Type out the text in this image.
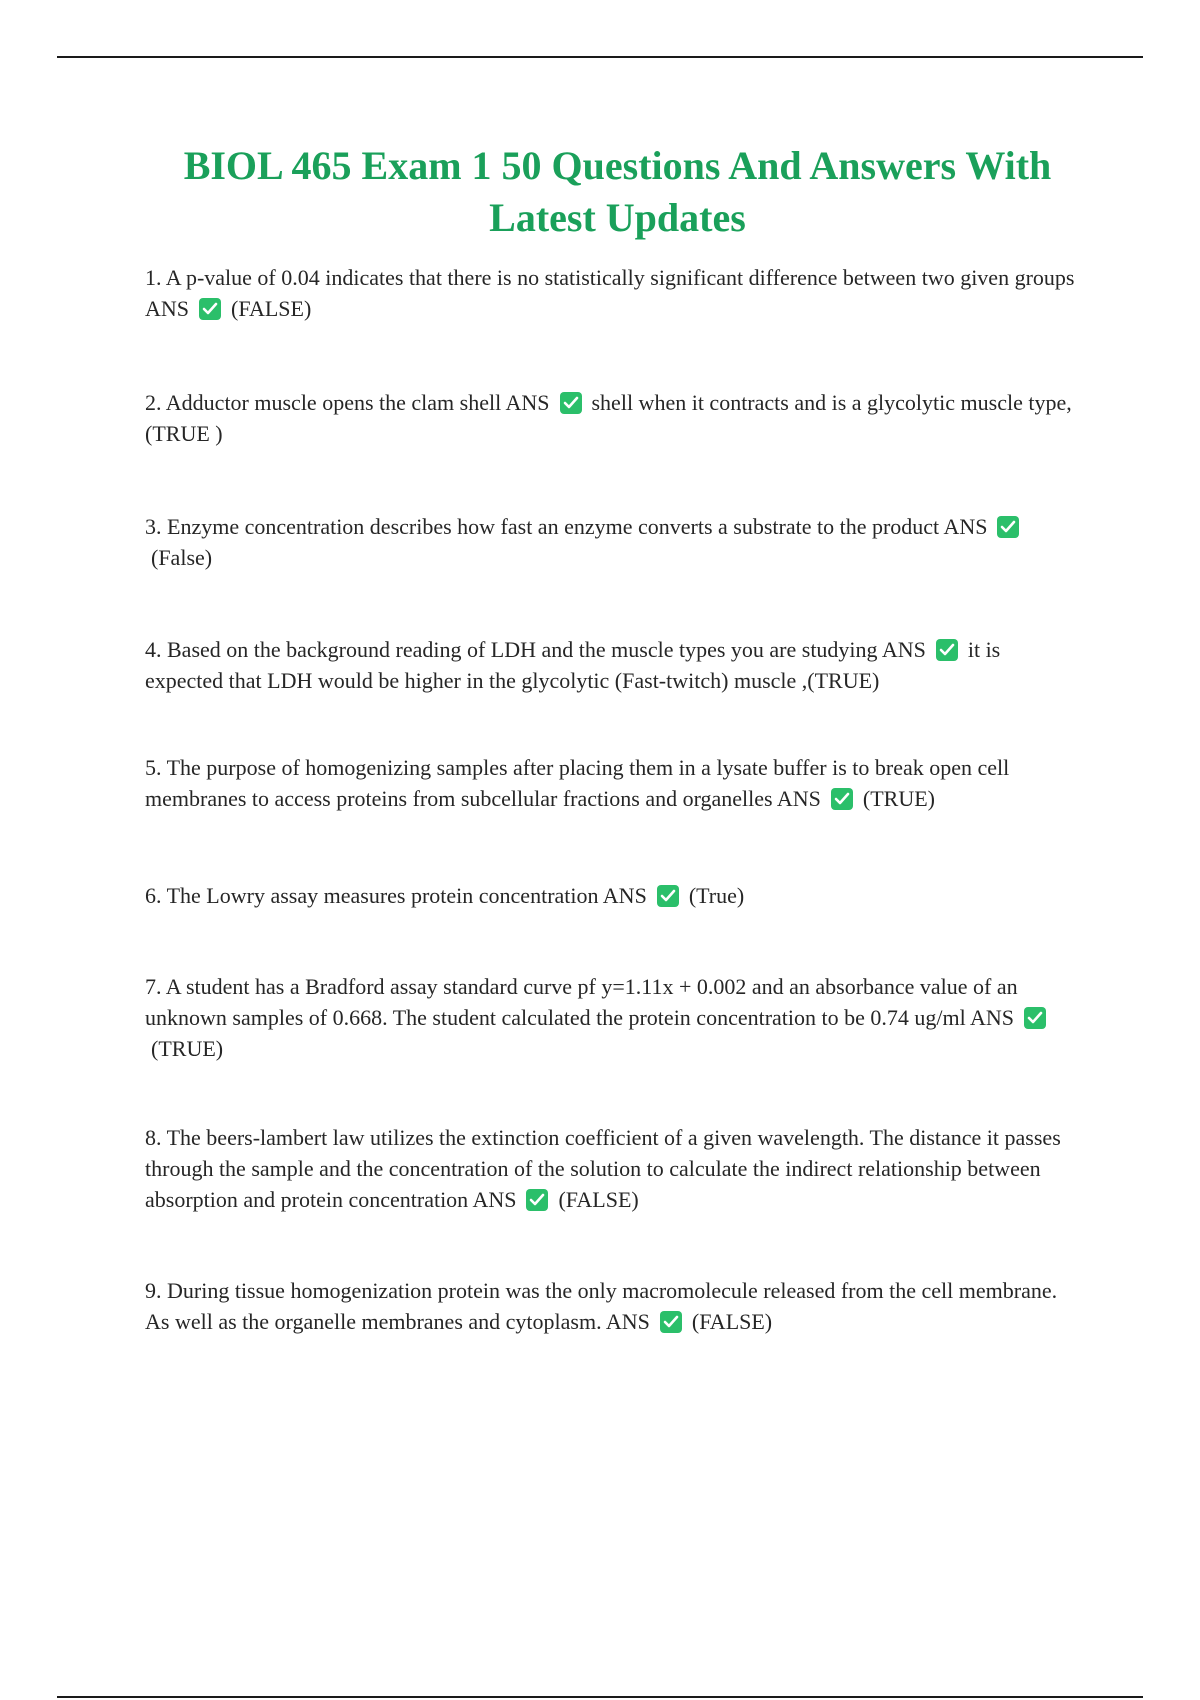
BIOL 465 Exam 1 50 Questions And Answers With
Latest Updates

1. A p-value of 0.04 indicates that there is no statistically significant difference between two given groups ANS (FALSE)

2. Adductor muscle opens the clam shell ANS shell when it contracts and is a glycolytic muscle type, (TRUE )

3. Enzyme concentration describes how fast an enzyme converts a substrate to the product ANS
(False)

4. Based on the background reading of LDH and the muscle types you are studying ANS it is expected that LDH would be higher in the glycolytic (Fast-twitch) muscle ,(TRUE)

5. The purpose of homogenizing samples after placing them in a lysate buffer is to break open cell membranes to access proteins from subcellular fractions and organelles ANS (TRUE)

6. The Lowry assay measures protein concentration ANS (True)

7. A student has a Bradford assay standard curve pf y=1.11x + 0.002 and an absorbance value of an unknown samples of 0.668. The student calculated the protein concentration to be 0.74 ug/ml ANS
(TRUE)

8. The beers-lambert law utilizes the extinction coefficient of a given wavelength. The distance it passes through the sample and the concentration of the solution to calculate the indirect relationship between absorption and protein concentration ANS (FALSE)

9. During tissue homogenization protein was the only macromolecule released from the cell membrane. As well as the organelle membranes and cytoplasm. ANS (FALSE)
